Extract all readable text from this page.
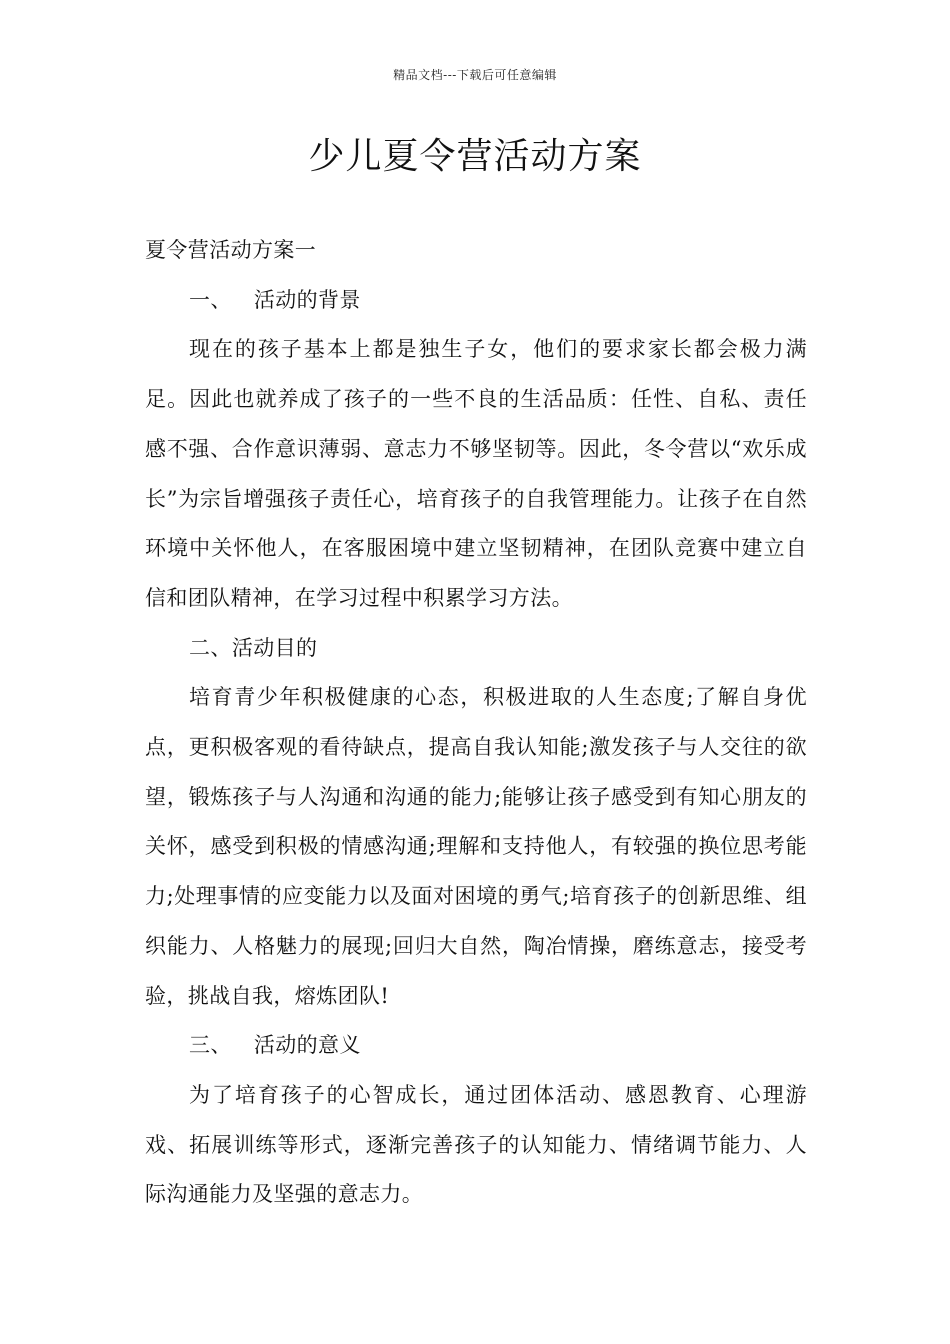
精品文档---下载后可任意编辑
少儿夏令营活动方案

夏令营活动方案一

一、 活动的背景

现在的孩子基本上都是独生子女，他们的要求家长都会极力满足。因此也就养成了孩子的一些不良的生活品质：任性、自私、责任感不强、合作意识薄弱、意志力不够坚韧等。因此，冬令营以“欢乐成长”为宗旨增强孩子责任心，培育孩子的自我管理能力。让孩子在自然环境中关怀他人，在客服困境中建立坚韧精神，在团队竞赛中建立自信和团队精神，在学习过程中积累学习方法。

二、活动目的

培育青少年积极健康的心态，积极进取的人生态度;了解自身优点，更积极客观的看待缺点，提高自我认知能;激发孩子与人交往的欲望，锻炼孩子与人沟通和沟通的能力;能够让孩子感受到有知心朋友的关怀，感受到积极的情感沟通;理解和支持他人，有较强的换位思考能力;处理事情的应变能力以及面对困境的勇气;培育孩子的创新思维、组织能力、人格魅力的展现;回归大自然，陶冶情操，磨练意志，接受考验，挑战自我，熔炼团队!

三、 活动的意义

为了培育孩子的心智成长，通过团体活动、感恩教育、心理游戏、拓展训练等形式，逐渐完善孩子的认知能力、情绪调节能力、人际沟通能力及坚强的意志力。
